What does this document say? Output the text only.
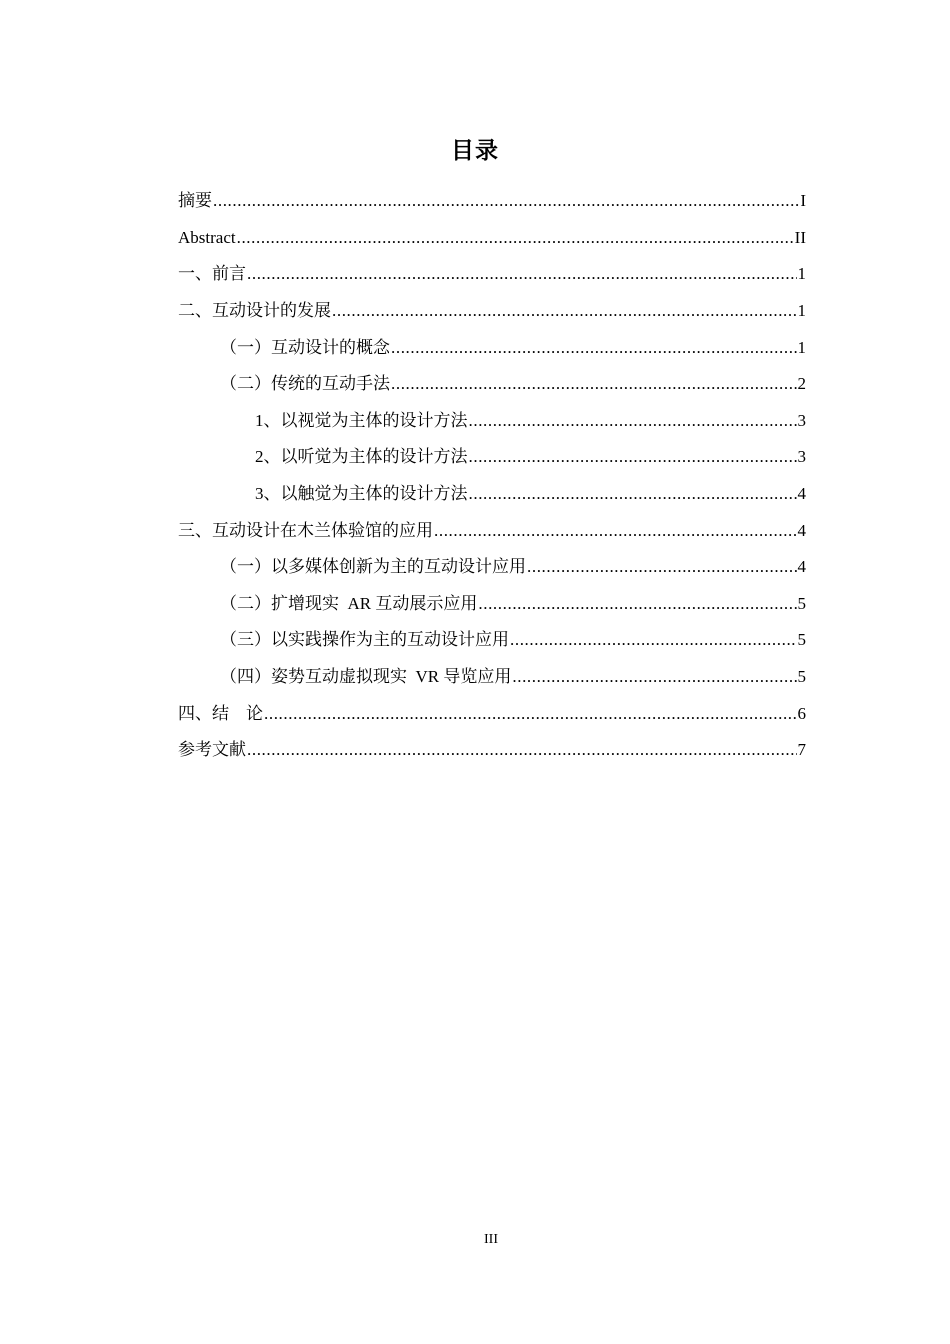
目录
摘要 .....	I
Abstract .....	II
一、前言 .....	1
二、互动设计的发展 .....	1
（一）互动设计的概念 .....	1
（二）传统的互动手法 .....	2
1、以视觉为主体的设计方法 .....	3
2、以听觉为主体的设计方法 .....	3
3、以触觉为主体的设计方法 .....	4
三、互动设计在木兰体验馆的应用 .....	4
（一）以多媒体创新为主的互动设计应用 .....	4
（二）扩增现实  AR 互动展示应用 .....	5
（三）以实践操作为主的互动设计应用 .....	5
（四）姿势互动虚拟现实  VR 导览应用 .....	5
四、结　论 .....	6
参考文献 .....	7
III
